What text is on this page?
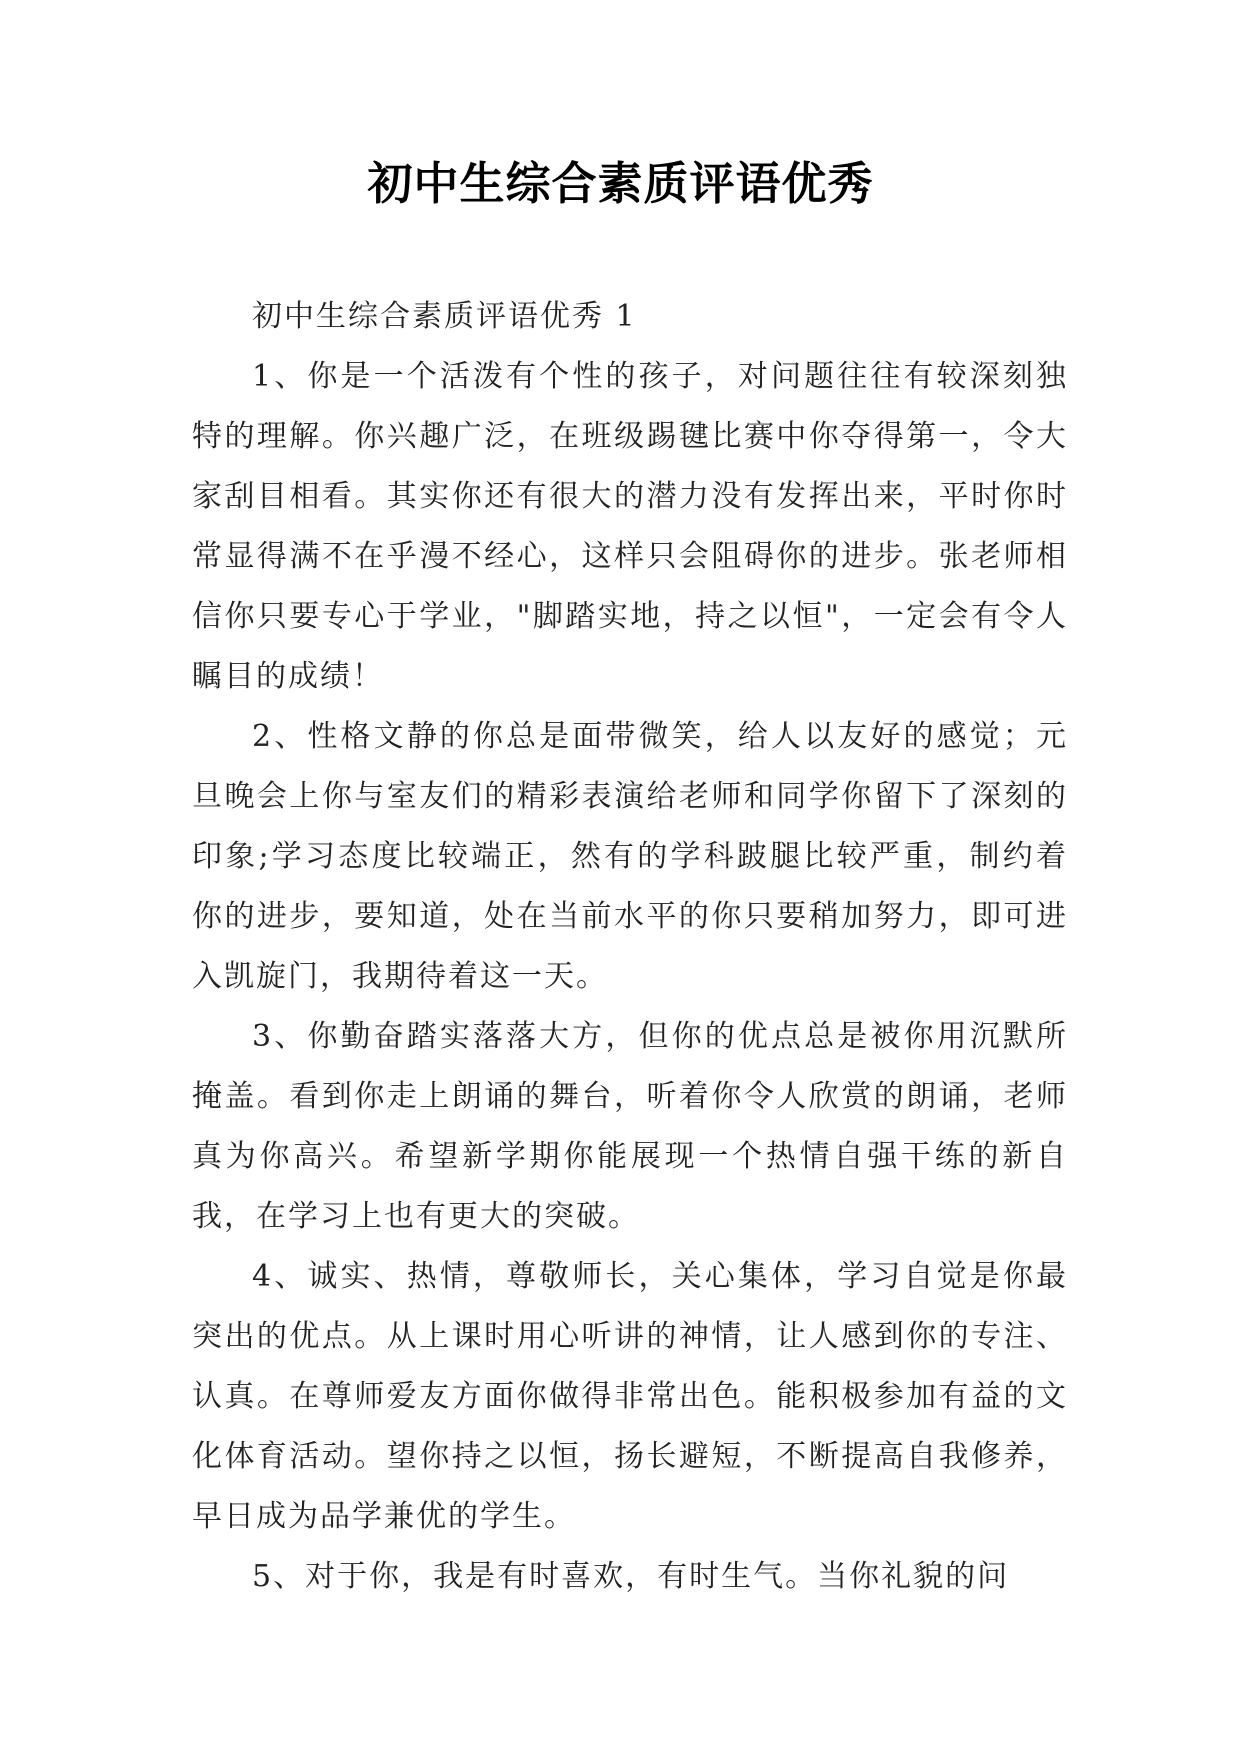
初中生综合素质评语优秀

初中生综合素质评语优秀 1

1、你是一个活泼有个性的孩子，对问题往往有较深刻独特的理解。你兴趣广泛，在班级踢毽比赛中你夺得第一，令大家刮目相看。其实你还有很大的潜力没有发挥出来，平时你时常显得满不在乎漫不经心，这样只会阻碍你的进步。张老师相信你只要专心于学业，"脚踏实地，持之以恒"，一定会有令人瞩目的成绩！

2、性格文静的你总是面带微笑，给人以友好的感觉；元旦晚会上你与室友们的精彩表演给老师和同学你留下了深刻的印象;学习态度比较端正，然有的学科跛腿比较严重，制约着你的进步，要知道，处在当前水平的你只要稍加努力，即可进入凯旋门，我期待着这一天。

3、你勤奋踏实落落大方，但你的优点总是被你用沉默所掩盖。看到你走上朗诵的舞台，听着你令人欣赏的朗诵，老师真为你高兴。希望新学期你能展现一个热情自强干练的新自我，在学习上也有更大的突破。

4、诚实、热情，尊敬师长，关心集体，学习自觉是你最突出的优点。从上课时用心听讲的神情，让人感到你的专注、认真。在尊师爱友方面你做得非常出色。能积极参加有益的文化体育活动。望你持之以恒，扬长避短，不断提高自我修养，早日成为品学兼优的学生。

5、对于你，我是有时喜欢，有时生气。当你礼貌的问
